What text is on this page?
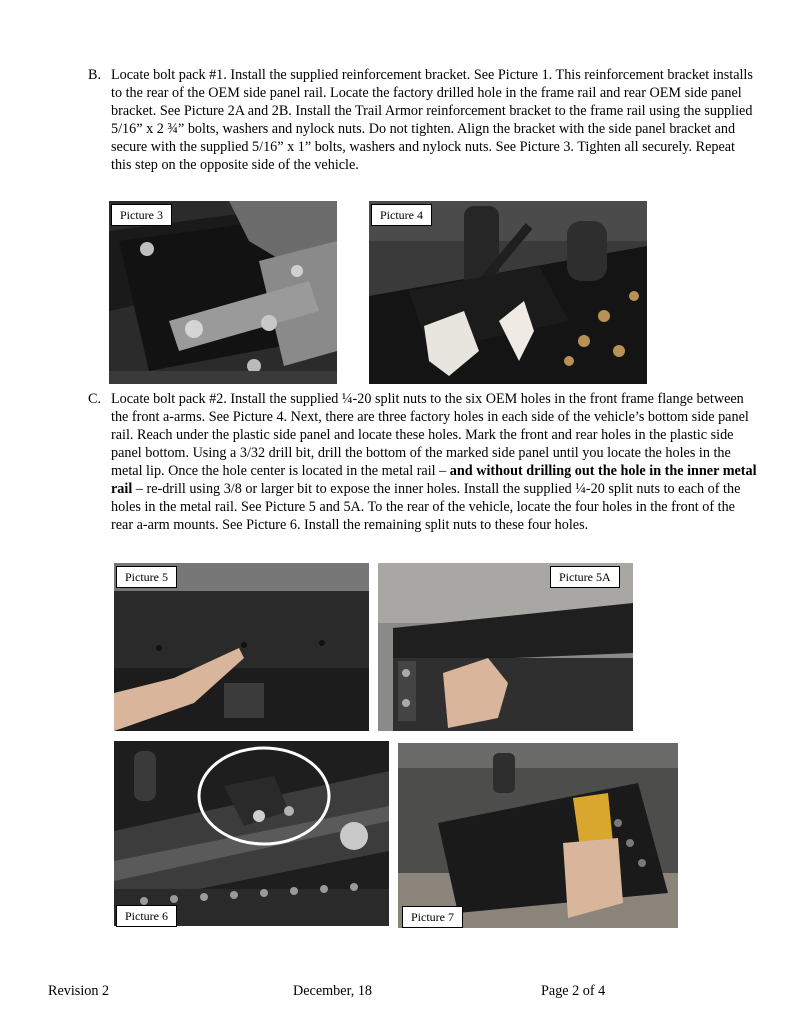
B. Locate bolt pack #1. Install the supplied reinforcement bracket. See Picture 1. This reinforcement bracket installs to the rear of the OEM side panel rail. Locate the factory drilled hole in the frame rail and rear OEM side panel bracket. See Picture 2A and 2B. Install the Trail Armor reinforcement bracket to the frame rail using the supplied 5/16” x 2 ¾” bolts, washers and nylock nuts. Do not tighten. Align the bracket with the side panel bracket and secure with the supplied 5/16” x 1” bolts, washers and nylock nuts. See Picture 3. Tighten all securely. Repeat this step on the opposite side of the vehicle.
Picture 3	Picture 4
C. Locate bolt pack #2. Install the supplied ¼-20 split nuts to the six OEM holes in the front frame flange between the front a-arms. See Picture 4. Next, there are three factory holes in each side of the vehicle’s bottom side panel rail. Reach under the plastic side panel and locate these holes. Mark the front and rear holes in the plastic side panel bottom. Using a 3/32 drill bit, drill the bottom of the marked side panel until you locate the holes in the metal lip. Once the hole center is located in the metal rail – and without drilling out the hole in the inner metal rail – re-drill using 3/8 or larger bit to expose the inner holes. Install the supplied ¼-20 split nuts to each of the holes in the metal rail. See Picture 5 and 5A. To the rear of the vehicle, locate the four holes in the front of the rear a-arm mounts. See Picture 6. Install the remaining split nuts to these four holes.
Picture 5	Picture 5A
Picture 6	Picture 7
Revision 2	December, 18	Page 2 of 4
